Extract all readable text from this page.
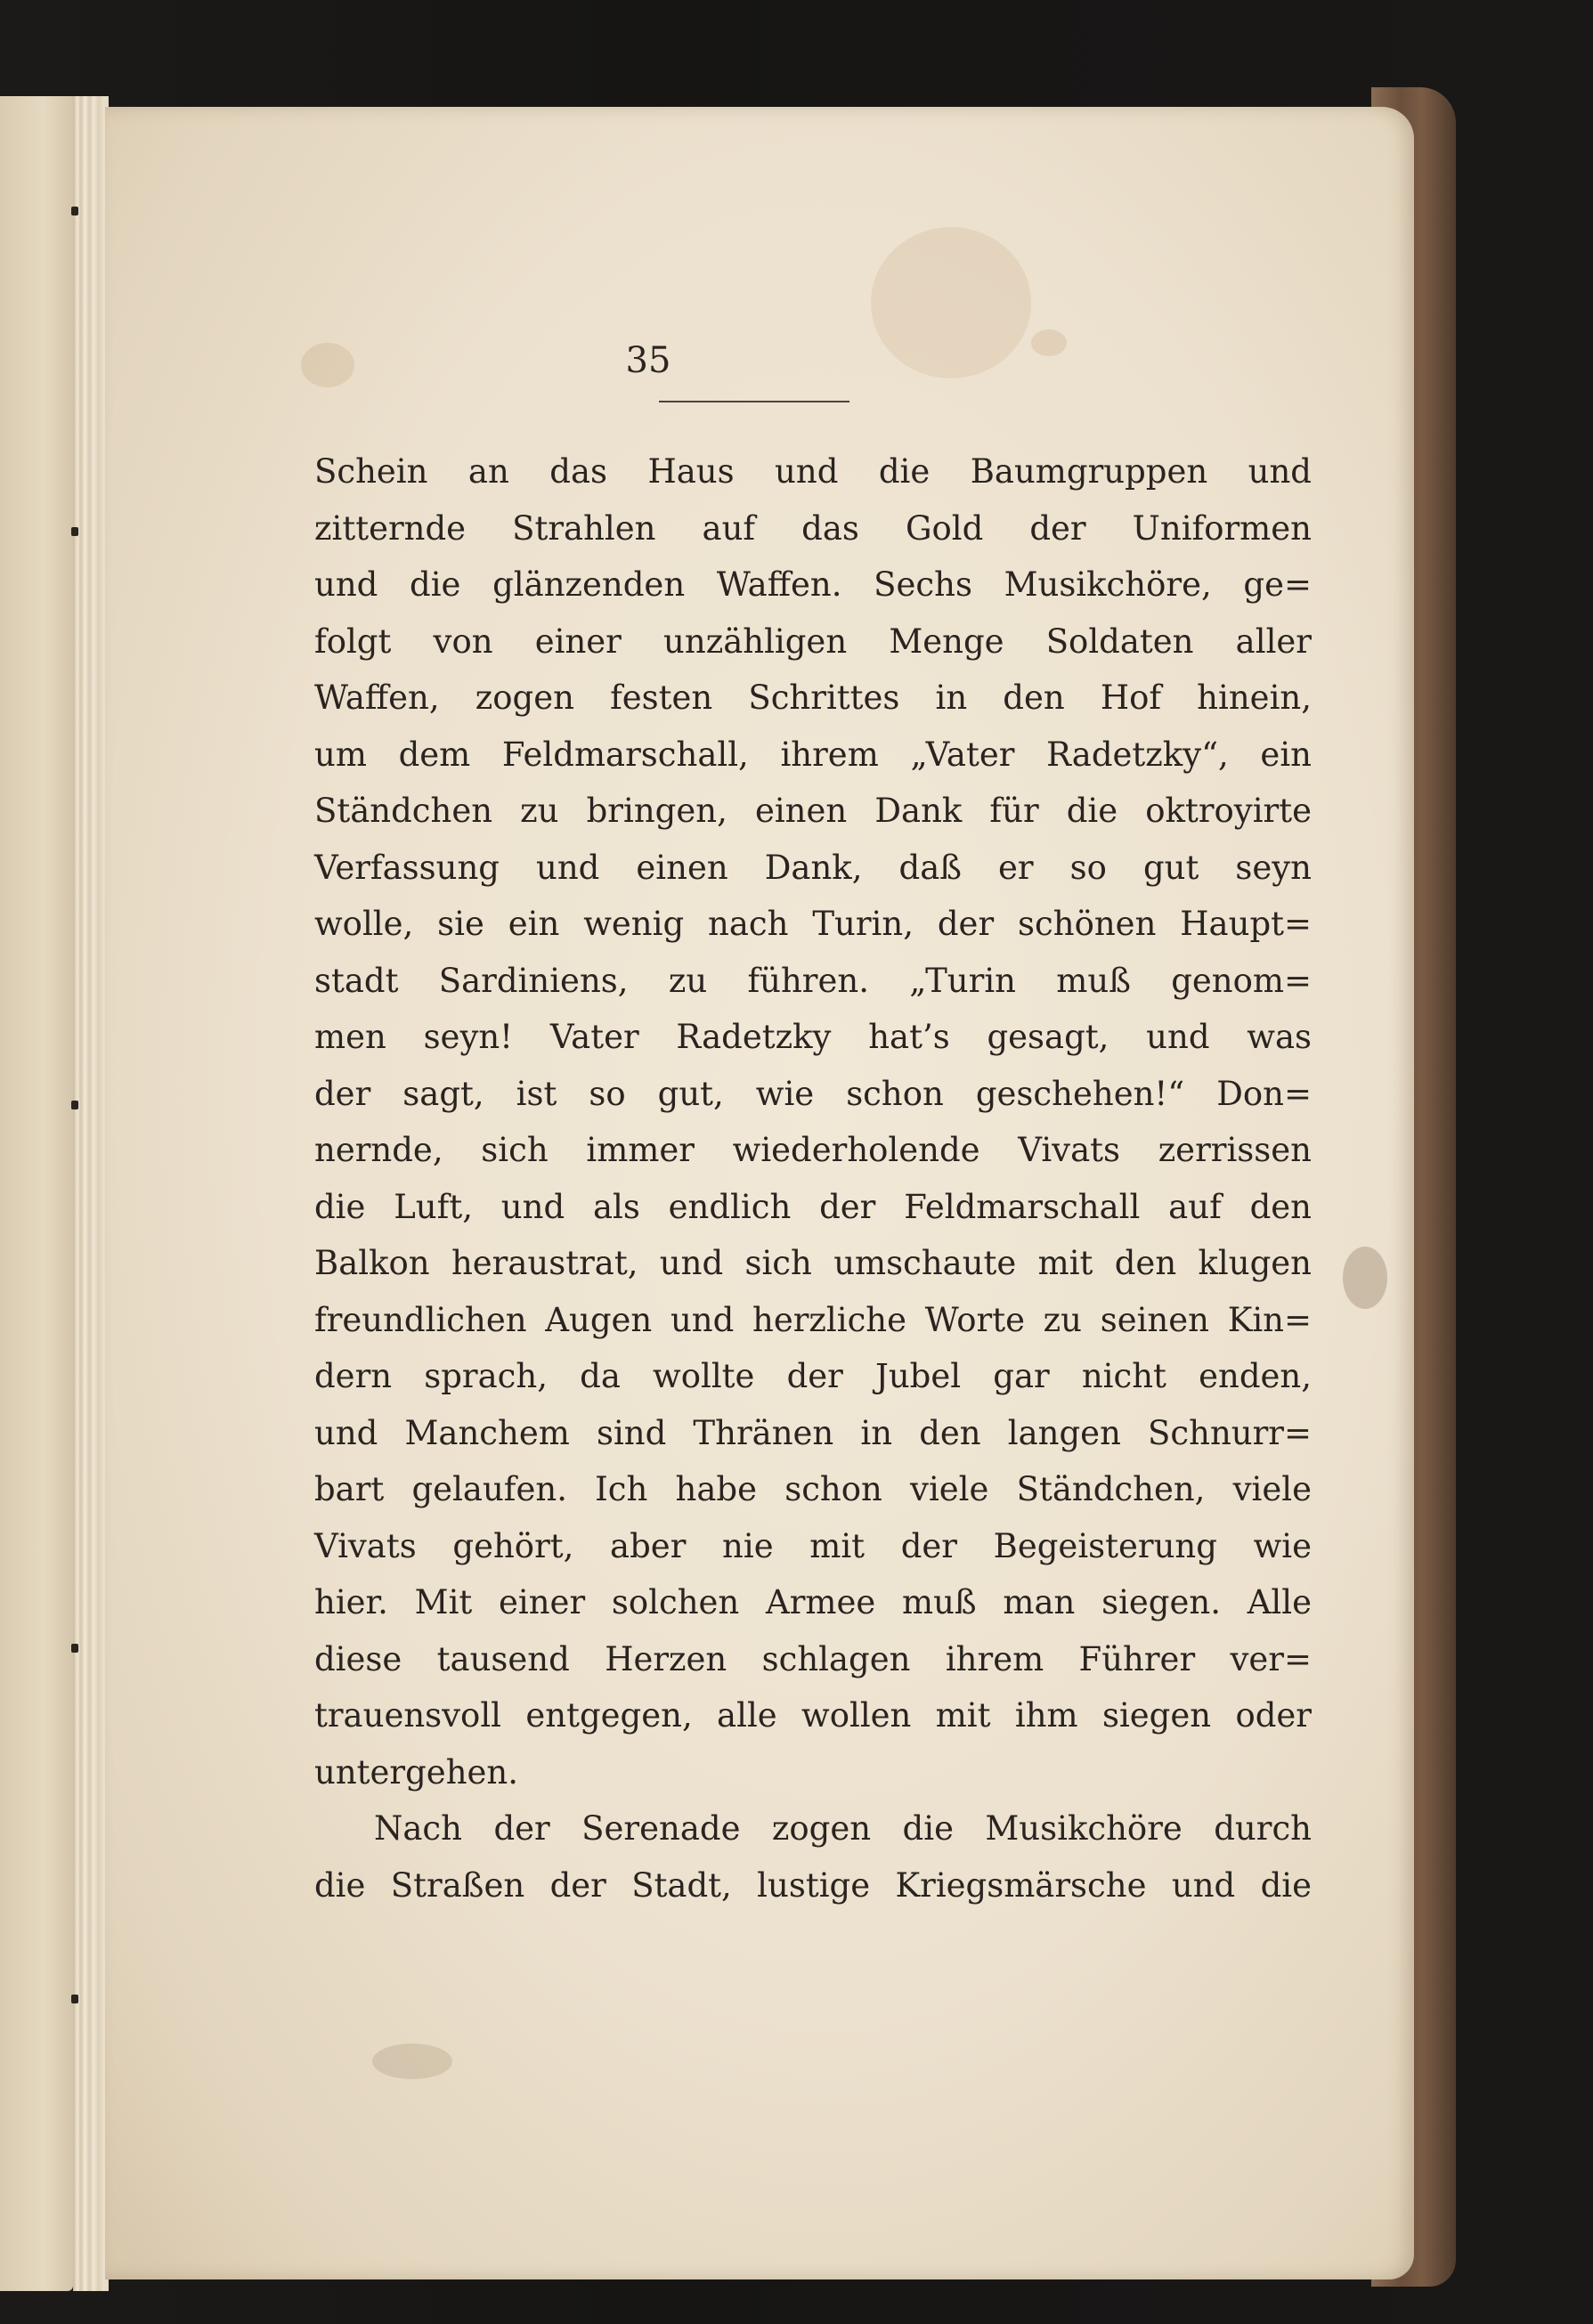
35
Schein an das Haus und die Baumgruppen und
zitternde Strahlen auf das Gold der Uniformen
und die glänzenden Waffen. Sechs Musikchöre, ge=
folgt von einer unzähligen Menge Soldaten aller
Waffen, zogen festen Schrittes in den Hof hinein,
um dem Feldmarschall, ihrem „Vater Radetzky“, ein
Ständchen zu bringen, einen Dank für die oktroyirte
Verfassung und einen Dank, daß er so gut seyn
wolle, sie ein wenig nach Turin, der schönen Haupt=
stadt Sardiniens, zu führen. „Turin muß genom=
men seyn! Vater Radetzky hat’s gesagt, und was
der sagt, ist so gut, wie schon geschehen!“ Don=
nernde, sich immer wiederholende Vivats zerrissen
die Luft, und als endlich der Feldmarschall auf den
Balkon heraustrat, und sich umschaute mit den klugen
freundlichen Augen und herzliche Worte zu seinen Kin=
dern sprach, da wollte der Jubel gar nicht enden,
und Manchem sind Thränen in den langen Schnurr=
bart gelaufen. Ich habe schon viele Ständchen, viele
Vivats gehört, aber nie mit der Begeisterung wie
hier. Mit einer solchen Armee muß man siegen. Alle
diese tausend Herzen schlagen ihrem Führer ver=
trauensvoll entgegen, alle wollen mit ihm siegen oder
untergehen.
Nach der Serenade zogen die Musikchöre durch
die Straßen der Stadt, lustige Kriegsmärsche und die
